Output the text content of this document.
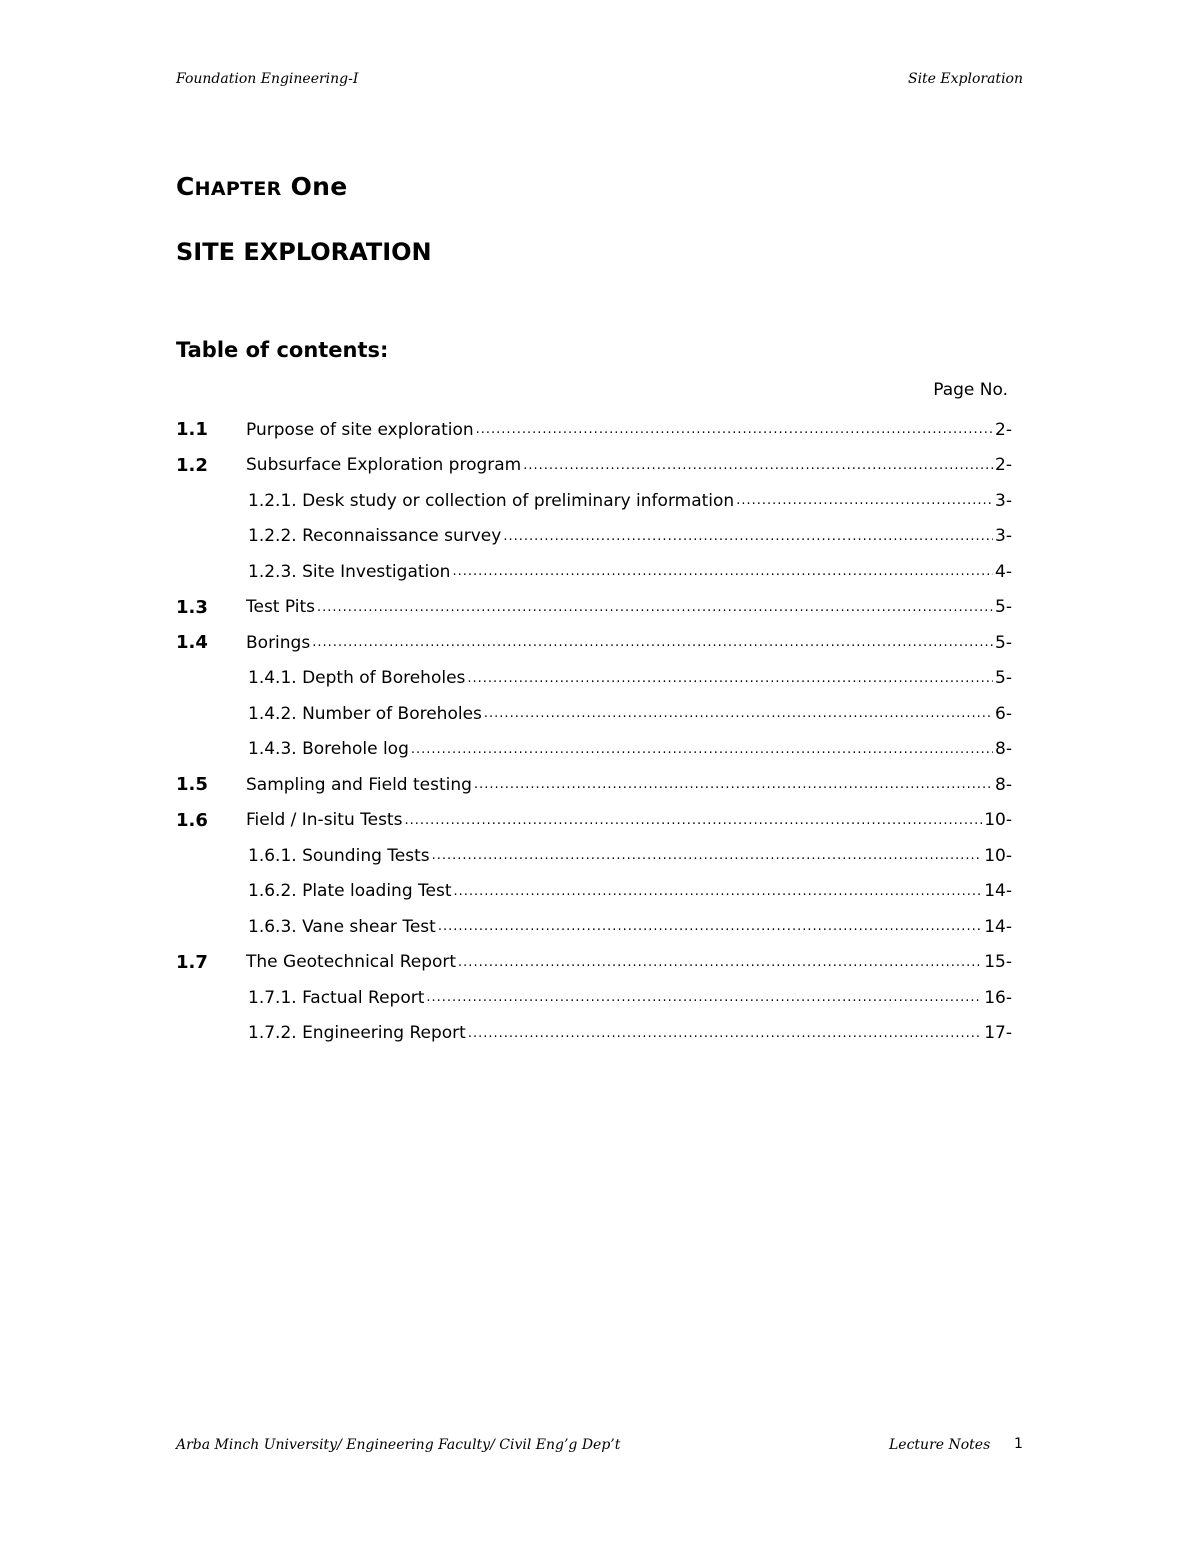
Foundation Engineering-I	Site Exploration
CHAPTER One
SITE EXPLORATION
Table of contents:
Page No.
1.1	Purpose of site exploration .....	2-
1.2	Subsurface Exploration program .....	2-
1.2.1. Desk study or collection of preliminary information .....	3-
1.2.2. Reconnaissance survey .....	3-
1.2.3. Site Investigation .....	4-
1.3	Test Pits .....	5-
1.4	Borings .....	5-
1.4.1. Depth of Boreholes .....	5-
1.4.2. Number of Boreholes .....	6-
1.4.3. Borehole log .....	8-
1.5	Sampling and Field testing .....	8-
1.6	Field / In-situ Tests .....	10-
1.6.1. Sounding Tests .....	10-
1.6.2. Plate loading Test .....	14-
1.6.3. Vane shear Test .....	14-
1.7	The Geotechnical Report .....	15-
1.7.1. Factual Report .....	16-
1.7.2. Engineering Report .....	17-
Arba Minch University/ Engineering Faculty/ Civil Eng’g Dep’t	Lecture Notes 1
